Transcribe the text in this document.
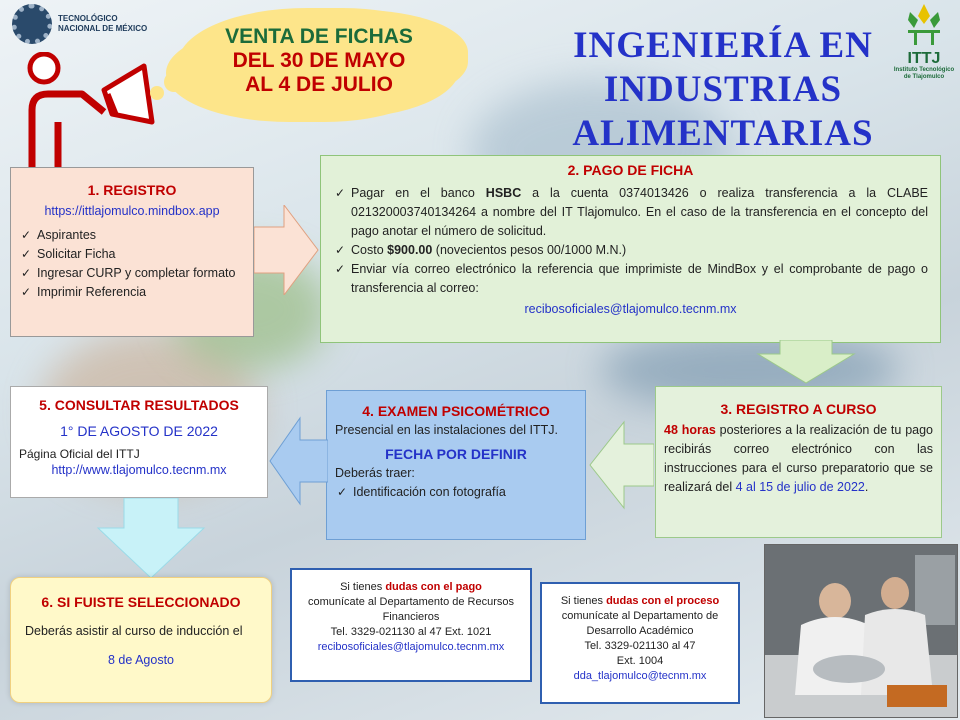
TECNOLÓGICO NACIONAL DE MÉXICO	VENTA DE FICHAS
DEL 30 DE MAYO
AL 4 DE JULIO
INGENIERÍA EN
INDUSTRIAS
ALIMENTARIAS
ITTJ
Instituto Tecnológico de Tlajomulco
1. REGISTRO
https://ittlajomulco.mindbox.app
✓ Aspirantes
✓ Solicitar Ficha
✓ Ingresar CURP y completar formato
✓ Imprimir Referencia
2. PAGO DE FICHA
✓ Pagar en el banco HSBC a la cuenta 0374013426 o realiza transferencia a la CLABE 021320003740134264 a nombre del IT Tlajomulco. En el caso de la transferencia en el concepto del pago anotar el número de solicitud.
✓ Costo $900.00 (novecientos pesos 00/1000 M.N.)
✓ Enviar vía correo electrónico la referencia que imprimiste de MindBox y el comprobante de pago o transferencia al correo:
recibosoficiales@tlajomulco.tecnm.mx
3. REGISTRO A CURSO
48 horas posteriores a la realización de tu pago recibirás correo electrónico con las instrucciones para el curso preparatorio que se realizará del 4 al 15 de julio de 2022.
4. EXAMEN PSICOMÉTRICO
Presencial en las instalaciones del ITTJ.
FECHA POR DEFINIR
Deberás traer:
✓ Identificación con fotografía
5. CONSULTAR RESULTADOS
1° DE AGOSTO DE 2022
Página Oficial del ITTJ
http://www.tlajomulco.tecnm.mx
6. SI FUISTE SELECCIONADO
Deberás asistir al curso de inducción el
8 de Agosto
Si tienes dudas con el pago
comunícate al Departamento de Recursos Financieros
Tel. 3329-021130 al 47 Ext. 1021
recibosoficiales@tlajomulco.tecnm.mx
Si tienes dudas con el proceso
comunícate al Departamento de Desarrollo Académico
Tel. 3329-021130 al 47
Ext. 1004
dda_tlajomulco@tecnm.mx
